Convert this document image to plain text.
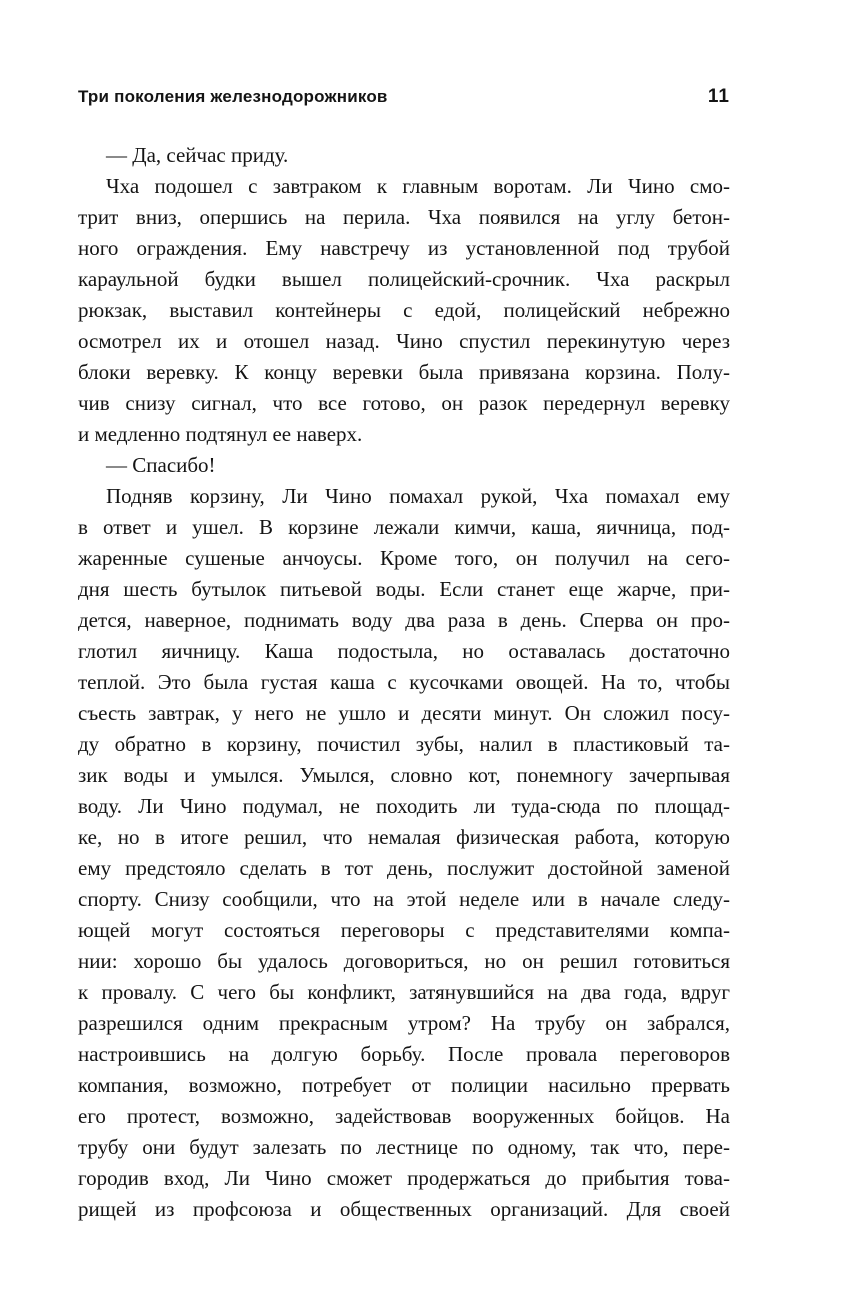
Три поколения железнодорожников	11
— Да, сейчас приду.
Чха подошел с завтраком к главным воротам. Ли Чино смо-
трит вниз, опершись на перила. Чха появился на углу бетон-
ного ограждения. Ему навстречу из установленной под трубой
караульной будки вышел полицейский-срочник. Чха раскрыл
рюкзак, выставил контейнеры с едой, полицейский небрежно
осмотрел их и отошел назад. Чино спустил перекинутую через
блоки веревку. К концу веревки была привязана корзина. Полу-
чив снизу сигнал, что все готово, он разок передернул веревку
и медленно подтянул ее наверх.
— Спасибо!
Подняв корзину, Ли Чино помахал рукой, Чха помахал ему
в ответ и ушел. В корзине лежали кимчи, каша, яичница, под-
жаренные сушеные анчоусы. Кроме того, он получил на сего-
дня шесть бутылок питьевой воды. Если станет еще жарче, при-
дется, наверное, поднимать воду два раза в день. Сперва он про-
глотил яичницу. Каша подостыла, но оставалась достаточно
теплой. Это была густая каша с кусочками овощей. На то, чтобы
съесть завтрак, у него не ушло и десяти минут. Он сложил посу-
ду обратно в корзину, почистил зубы, налил в пластиковый та-
зик воды и умылся. Умылся, словно кот, понемногу зачерпывая
воду. Ли Чино подумал, не походить ли туда-сюда по площад-
ке, но в итоге решил, что немалая физическая работа, которую
ему предстояло сделать в тот день, послужит достойной заменой
спорту. Снизу сообщили, что на этой неделе или в начале следу-
ющей могут состояться переговоры с представителями компа-
нии: хорошо бы удалось договориться, но он решил готовиться
к провалу. С чего бы конфликт, затянувшийся на два года, вдруг
разрешился одним прекрасным утром? На трубу он забрался,
настроившись на долгую борьбу. После провала переговоров
компания, возможно, потребует от полиции насильно прервать
его протест, возможно, задействовав вооруженных бойцов. На
трубу они будут залезать по лестнице по одному, так что, пере-
городив вход, Ли Чино сможет продержаться до прибытия това-
рищей из профсоюза и общественных организаций. Для своей
